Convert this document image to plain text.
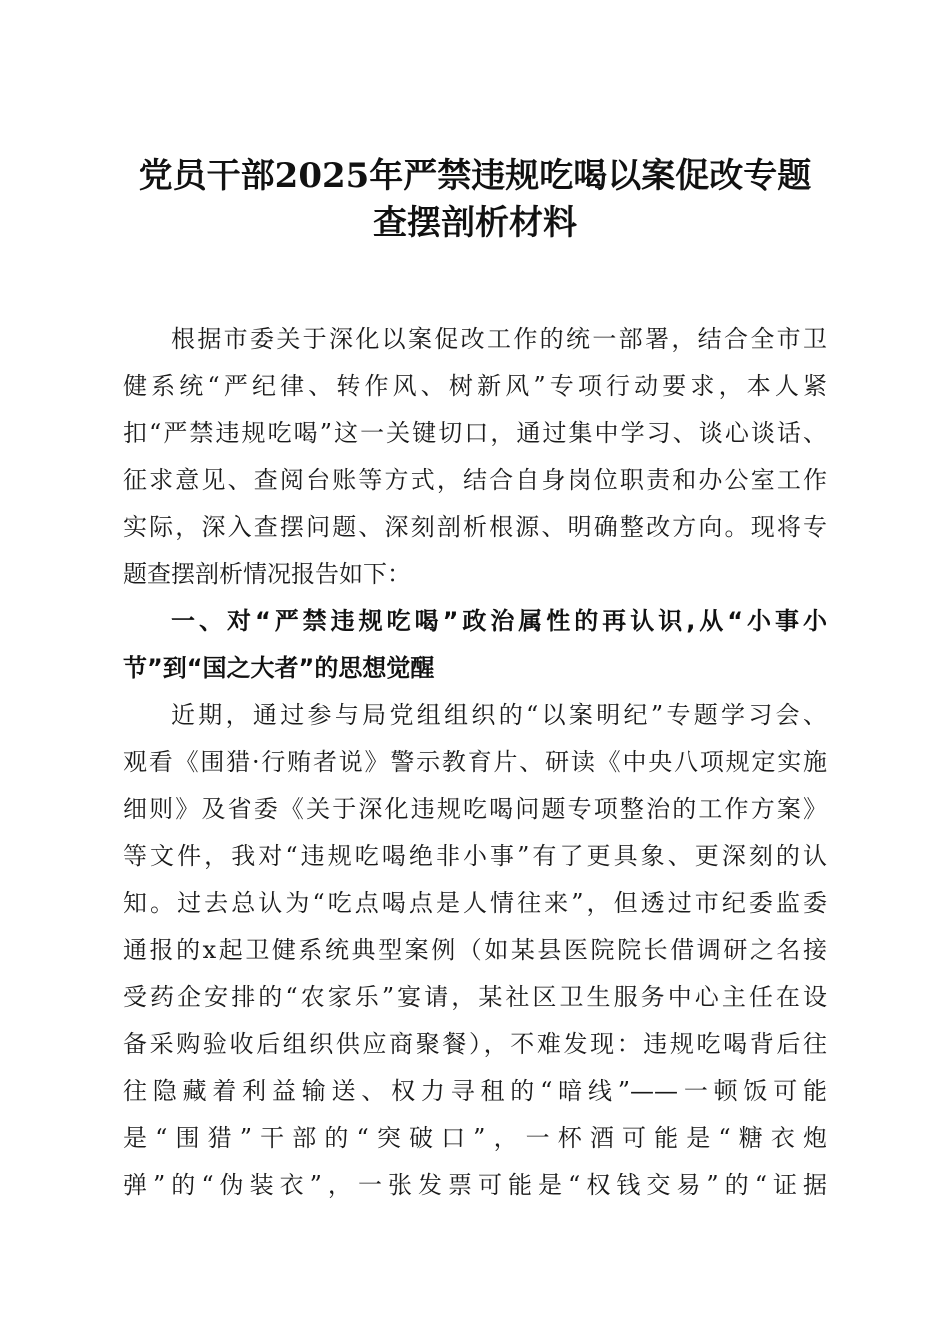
党员干部2025年严禁违规吃喝以案促改专题
查摆剖析材料
根据市委关于深化以案促改工作的统一部署，结合全市卫
健系统“严纪律、转作风、树新风”专项行动要求，本人紧
扣“严禁违规吃喝”这一关键切口，通过集中学习、谈心谈话、
征求意见、查阅台账等方式，结合自身岗位职责和办公室工作
实际，深入查摆问题、深刻剖析根源、明确整改方向。现将专
题查摆剖析情况报告如下：
一、对“严禁违规吃喝”政治属性的再认识,从“小事小
节”到“国之大者”的思想觉醒
近期，通过参与局党组组织的“以案明纪”专题学习会、
观看《围猎·行贿者说》警示教育片、研读《中央八项规定实施
细则》及省委《关于深化违规吃喝问题专项整治的工作方案》
等文件，我对“违规吃喝绝非小事”有了更具象、更深刻的认
知。过去总认为“吃点喝点是人情往来”，但透过市纪委监委
通报的x起卫健系统典型案例（如某县医院院长借调研之名接
受药企安排的“农家乐”宴请，某社区卫生服务中心主任在设
备采购验收后组织供应商聚餐），不难发现：违规吃喝背后往
往隐藏着利益输送、权力寻租的“暗线”——一顿饭可能
是“围猎”干部的“突破口”，一杯酒可能是“糖衣炮
弹”的“伪装衣”，一张发票可能是“权钱交易”的“证据
